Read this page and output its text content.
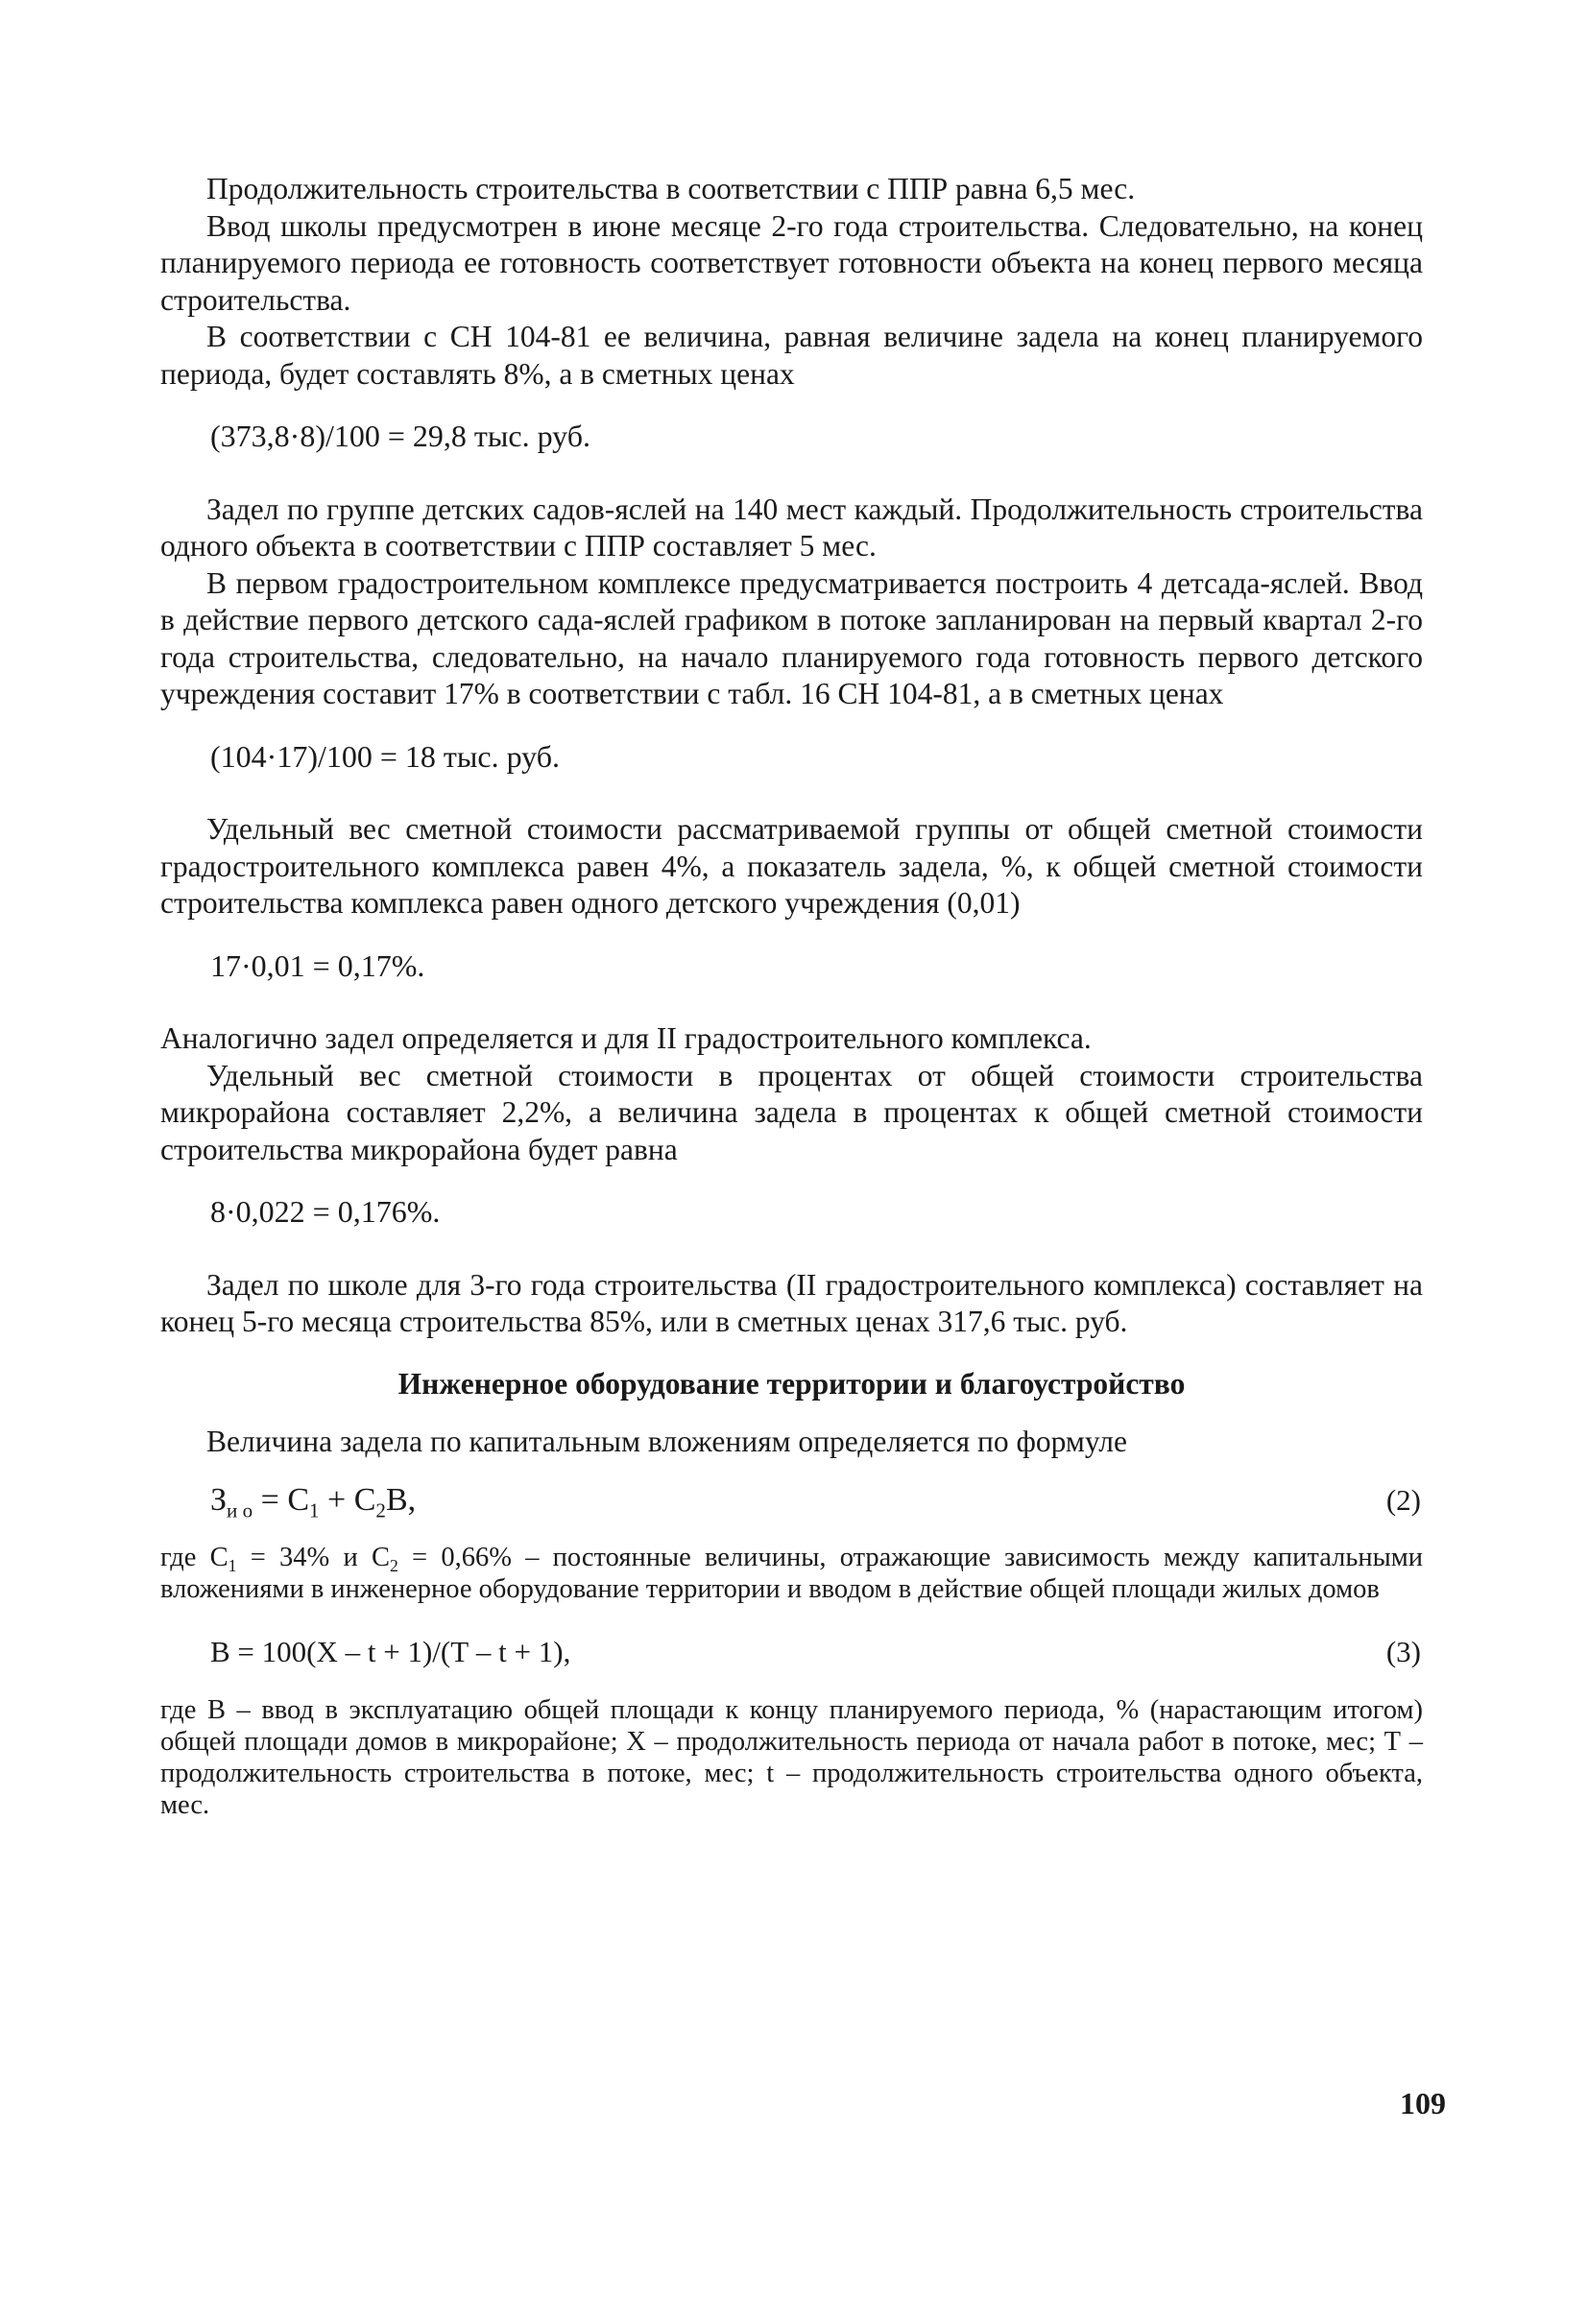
Продолжительность строительства в соответствии с ППР равна 6,5 мес.

Ввод школы предусмотрен в июне месяце 2-го года строительства. Следовательно, на конец планируемого периода ее готовность соответствует готовности объекта на конец первого месяца строительства.

В соответствии с СН 104-81 ее величина, равная величине задела на конец планируемого периода, будет составлять 8%, а в сметных ценах

(373,8·8)/100 = 29,8 тыс. руб.

Задел по группе детских садов-яслей на 140 мест каждый. Продолжительность строительства одного объекта в соответствии с ППР составляет 5 мес.

В первом градостроительном комплексе предусматривается построить 4 детсада-яслей. Ввод в действие первого детского сада-яслей графиком в потоке запланирован на первый квартал 2-го года строительства, следовательно, на начало планируемого года готовность первого детского учреждения составит 17% в соответствии с табл. 16 СН 104-81, а в сметных ценах

(104·17)/100 = 18 тыс. руб.

Удельный вес сметной стоимости рассматриваемой группы от общей сметной стоимости градостроительного комплекса равен 4%, а показатель задела, %, к общей сметной стоимости строительства комплекса равен одного детского учреждения (0,01)

17·0,01 = 0,17%.

Аналогично задел определяется и для II градостроительного комплекса.

Удельный вес сметной стоимости в процентах от общей стоимости строительства микрорайона составляет 2,2%, а величина задела в процентах к общей сметной стоимости строительства микрорайона будет равна

8·0,022 = 0,176%.

Задел по школе для 3-го года строительства (II градостроительного комплекса) составляет на конец 5-го месяца строительства 85%, или в сметных ценах 317,6 тыс. руб.

Инженерное оборудование территории и благоустройство

Величина задела по капитальным вложениям определяется по формуле

$З_{и о} = С_1 + С_2В$,	(2)

где $С_1 = 34\%$ и $С_2 = 0,66\%$ – постоянные величины, отражающие зависимость между капитальными вложениями в инженерное оборудование территории и вводом в действие общей площади жилых домов

В = 100(Х – t + 1)/(Т – t + 1),	(3)

где В – ввод в эксплуатацию общей площади к концу планируемого периода, % (нарастающим итогом) общей площади домов в микрорайоне; Х – продолжительность периода от начала работ в потоке, мес; Т – продолжительность строительства в потоке, мес; t – продолжительность строительства одного объекта, мес.

109
